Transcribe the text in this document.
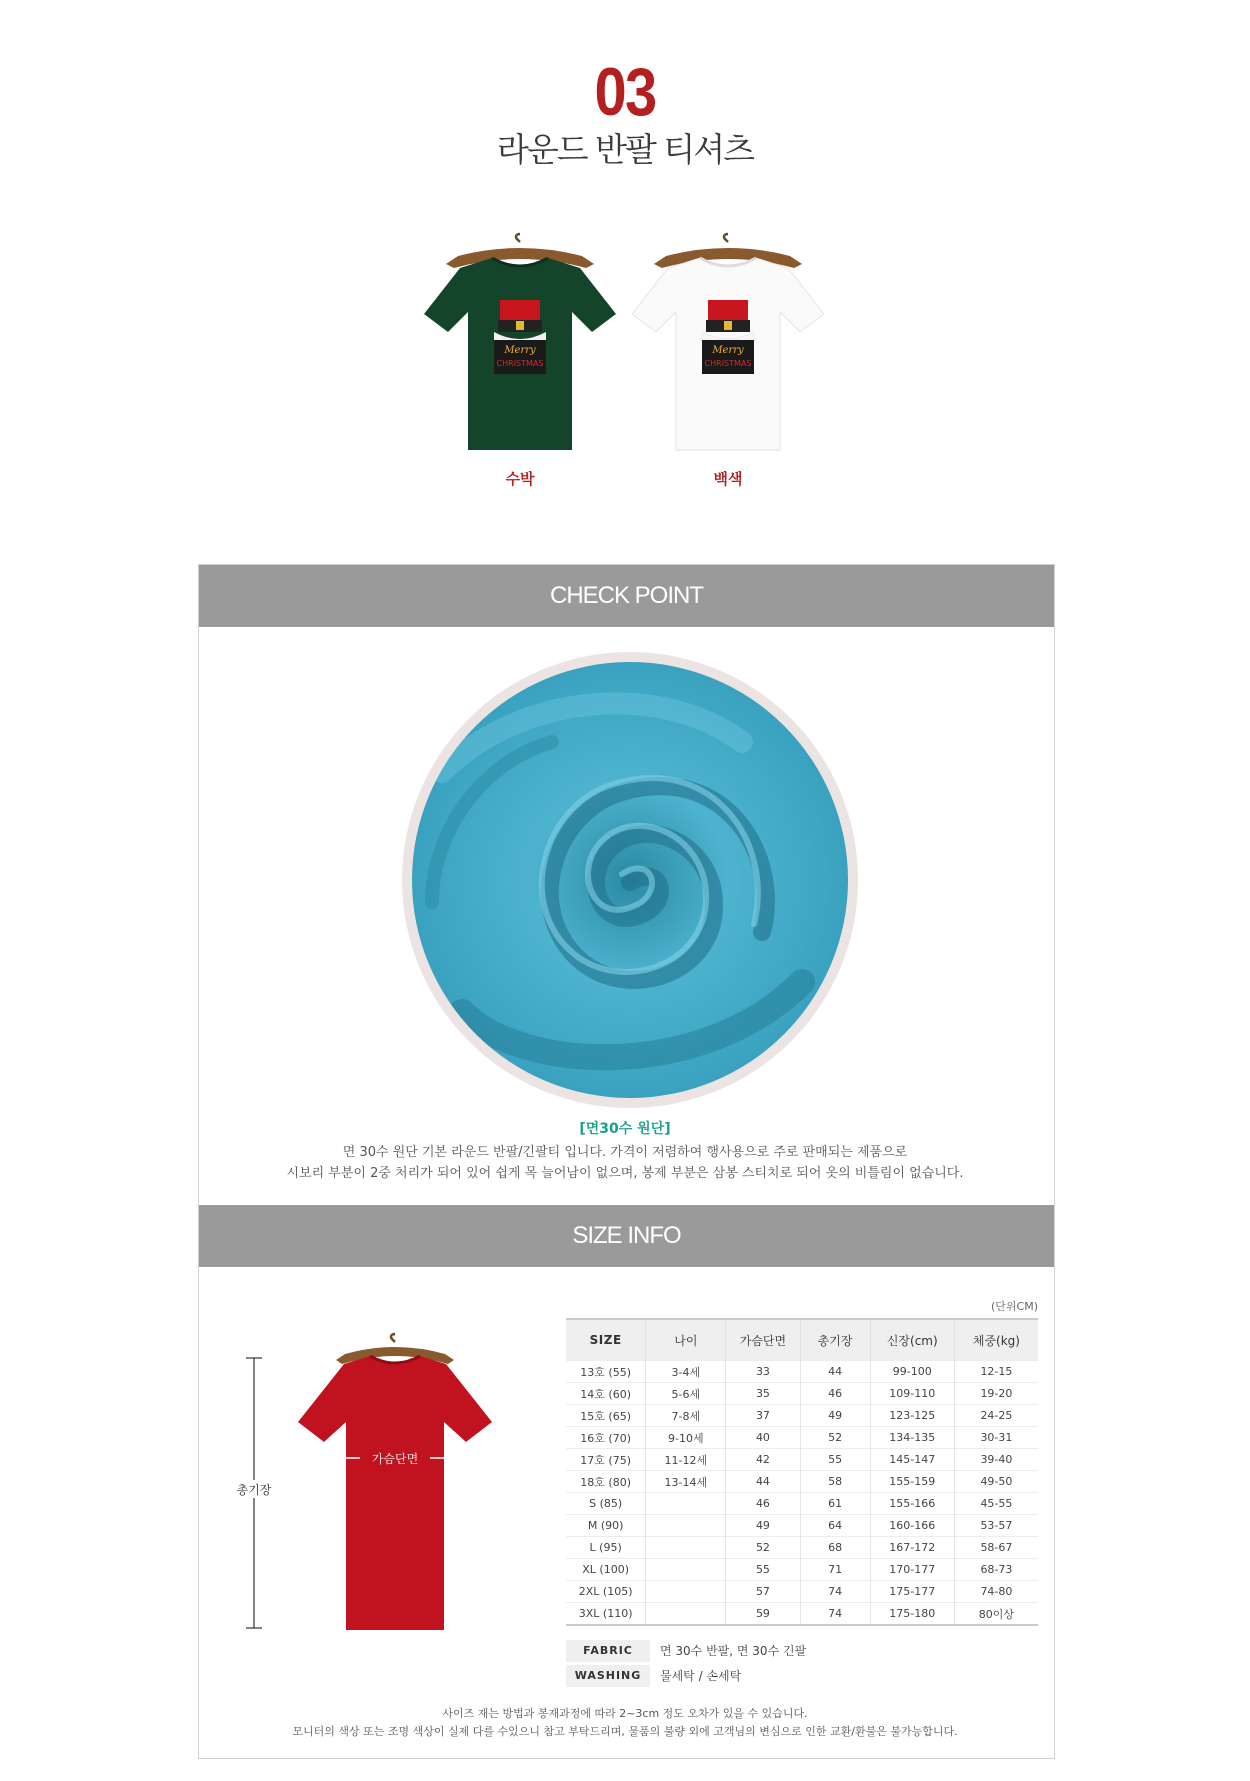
03
라운드 반팔 티셔츠
Merry
CHRISTMAS
Merry
CHRISTMAS
수박	백색
CHECK POINT
[면30수 원단]
면 30수 원단 기본 라운드 반팔/긴팔티 입니다. 가격이 저렴하여 행사용으로 주로 판매되는 제품으로
시보리 부분이 2중 처리가 되어 있어 쉽게 목 늘어남이 없으며, 봉제 부분은 삼봉 스티치로 되어 옷의 비틀림이 없습니다.
SIZE INFO
총기장
가슴단면
(단위CM)
SIZE	나이	가슴단면	총기장	신장(cm)	체중(kg)
13호 (55)	3-4세	33	44	99-100	12-15
14호 (60)	5-6세	35	46	109-110	19-20
15호 (65)	7-8세	37	49	123-125	24-25
16호 (70)	9-10세	40	52	134-135	30-31
17호 (75)	11-12세	42	55	145-147	39-40
18호 (80)	13-14세	44	58	155-159	49-50
S (85)		46	61	155-166	45-55
M (90)		49	64	160-166	53-57
L (95)		52	68	167-172	58-67
XL (100)		55	71	170-177	68-73
2XL (105)		57	74	175-177	74-80
3XL (110)		59	74	175-180	80이상
FABRIC	면 30수 반팔, 면 30수 긴팔
WASHING	물세탁 / 손세탁
사이즈 재는 방법과 봉재과정에 따라 2~3cm 정도 오차가 있을 수 있습니다.
모니터의 색상 또는 조명 색상이 실제 다를 수있으니 참고 부탁드리며, 물품의 불량 외에 고객님의 변심으로 인한 교환/환불은 불가능합니다.
